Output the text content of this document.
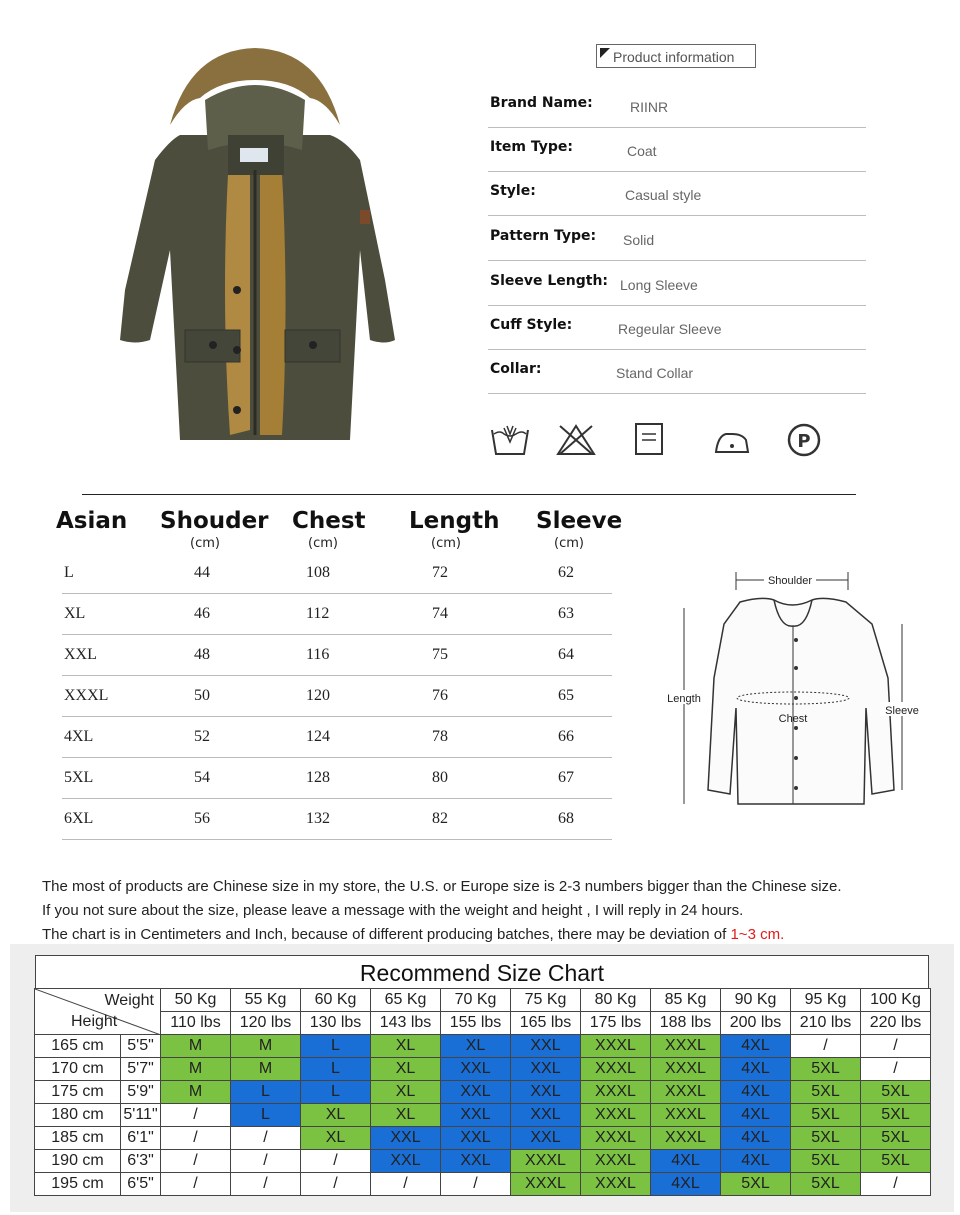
Product information
Brand Name:	RIINR
Item Type:	Coat
Style:	Casual style
Pattern Type: Solid
Sleeve Length: Long Sleeve
Cuff Style:	Regeular Sleeve
Collar:	Stand Collar
P
Asian Shouder Chest Length Sleeve
(cm)	(cm)	(cm)	(cm)
L	44	108	72	62
XL	46	112	74	63
XXL	48	116	75	64
XXXL	50	120	76	65
4XL	52	124	78	66
5XL	54	128	80	67
6XL	56	132	82	68
Shoulder
Length
Sleeve
Chest
The most of products are Chinese size in my store, the U.S. or Europe size is 2-3 numbers bigger than the Chinese size.
If you not sure about the size, please leave a message with the weight and height , I will reply in 24 hours.
The chart is in Centimeters and Inch, because of different producing batches, there may be deviation of 1~3 cm.
Recommend Size Chart

Weight
Height		50 Kg	55 Kg	60 Kg	65 Kg	70 Kg	75 Kg	80 Kg	85 Kg	90 Kg	95 Kg	100 Kg
		110 lbs	120 lbs	130 lbs	143 lbs	155 lbs	165 lbs	175 lbs	188 lbs	200 lbs	210 lbs	220 lbs
165 cm	5'5"	M	M	L	XL	XL	XXL	XXXL	XXXL	4XL	/	/
170 cm	5'7"	M	M	L	XL	XXL	XXL	XXXL	XXXL	4XL	5XL	/
175 cm	5'9"	M	L	L	XL	XXL	XXL	XXXL	XXXL	4XL	5XL	5XL
180 cm	5'11"	/	L	XL	XL	XXL	XXL	XXXL	XXXL	4XL	5XL	5XL
185 cm	6'1"	/	/	XL	XXL	XXL	XXL	XXXL	XXXL	4XL	5XL	5XL
190 cm	6'3"	/	/	/	XXL	XXL	XXXL	XXXL	4XL	4XL	5XL	5XL
195 cm	6'5"	/	/	/	/	/	XXXL	XXXL	4XL	5XL	5XL	/
